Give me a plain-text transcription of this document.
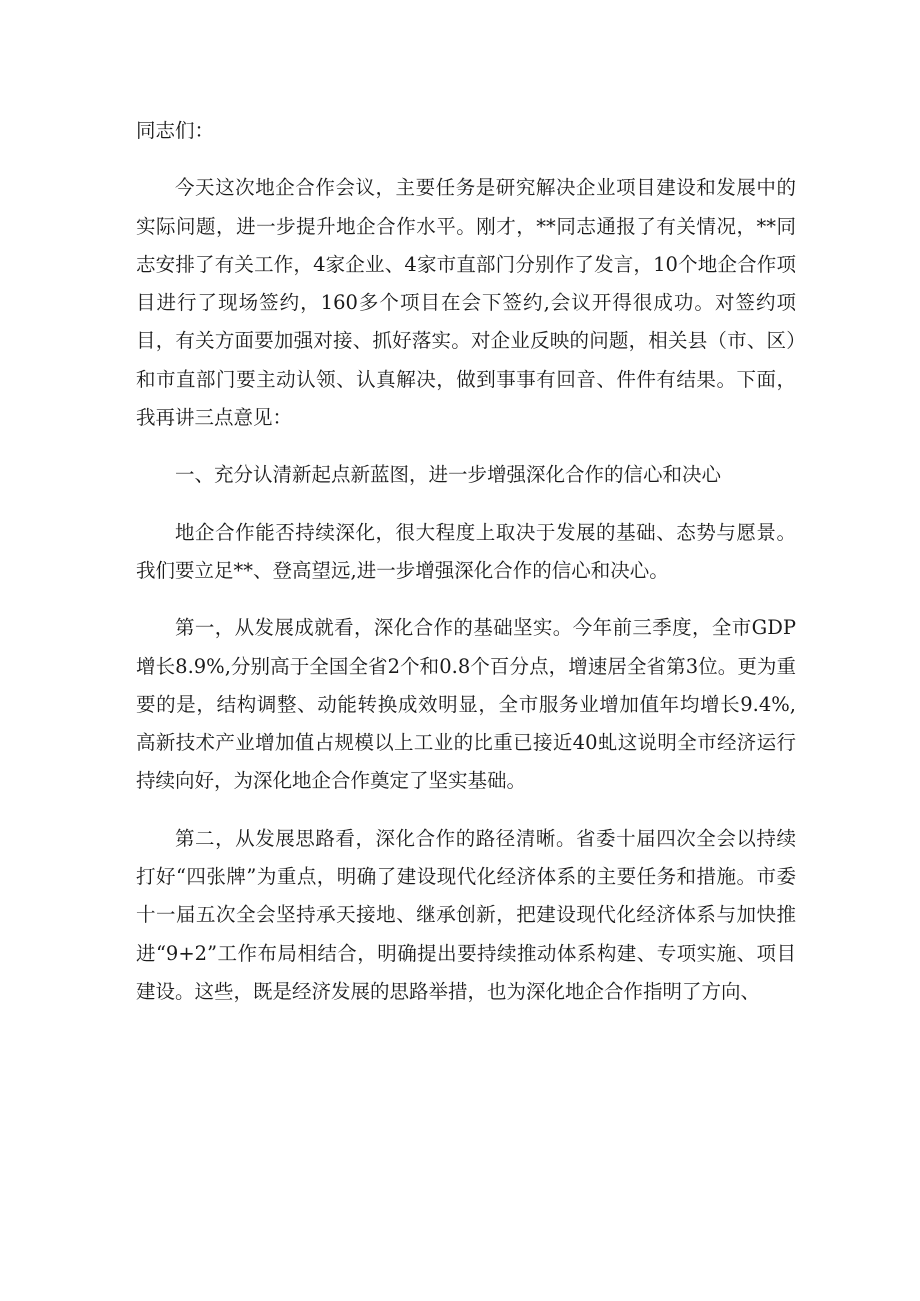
同志们：

今天这次地企合作会议，主要任务是研究解决企业项目建设和发展中的实际问题，进一步提升地企合作水平。刚才，**同志通报了有关情况，**同志安排了有关工作，4家企业、4家市直部门分别作了发言，10个地企合作项目进行了现场签约，160多个项目在会下签约,会议开得很成功。对签约项目，有关方面要加强对接、抓好落实。对企业反映的问题，相关县（市、区）和市直部门要主动认领、认真解决，做到事事有回音、件件有结果。下面，我再讲三点意见：

一、充分认清新起点新蓝图，进一步增强深化合作的信心和决心

地企合作能否持续深化，很大程度上取决于发展的基础、态势与愿景。我们要立足**、登高望远,进一步增强深化合作的信心和决心。

第一，从发展成就看，深化合作的基础坚实。今年前三季度，全市GDP增长8.9%,分别高于全国全省2个和0.8个百分点，增速居全省第3位。更为重要的是，结构调整、动能转换成效明显，全市服务业增加值年均增长9.4%,高新技术产业增加值占规模以上工业的比重已接近40虬这说明全市经济运行持续向好，为深化地企合作奠定了坚实基础。

第二，从发展思路看，深化合作的路径清晰。省委十届四次全会以持续打好“四张牌”为重点，明确了建设现代化经济体系的主要任务和措施。市委十一届五次全会坚持承天接地、继承创新，把建设现代化经济体系与加快推进“9+2”工作布局相结合，明确提出要持续推动体系构建、专项实施、项目建设。这些，既是经济发展的思路举措，也为深化地企合作指明了方向、
